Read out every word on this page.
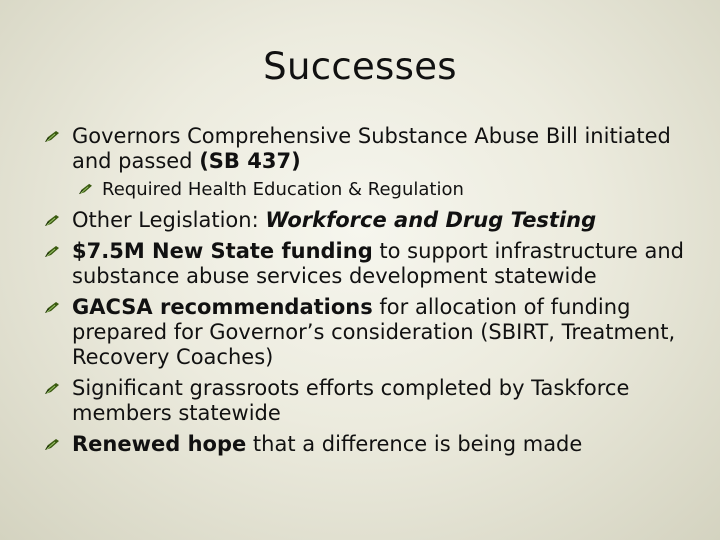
Successes
Governors Comprehensive Substance Abuse Bill initiated and passed (SB 437)
Required Health Education & Regulation
Other Legislation: Workforce and Drug Testing
$7.5M New State funding to support infrastructure and substance abuse services development statewide
GACSA recommendations for allocation of funding prepared for Governor’s consideration (SBIRT, Treatment, Recovery Coaches)
Significant grassroots efforts completed by Taskforce members statewide
Renewed hope that a difference is being made
